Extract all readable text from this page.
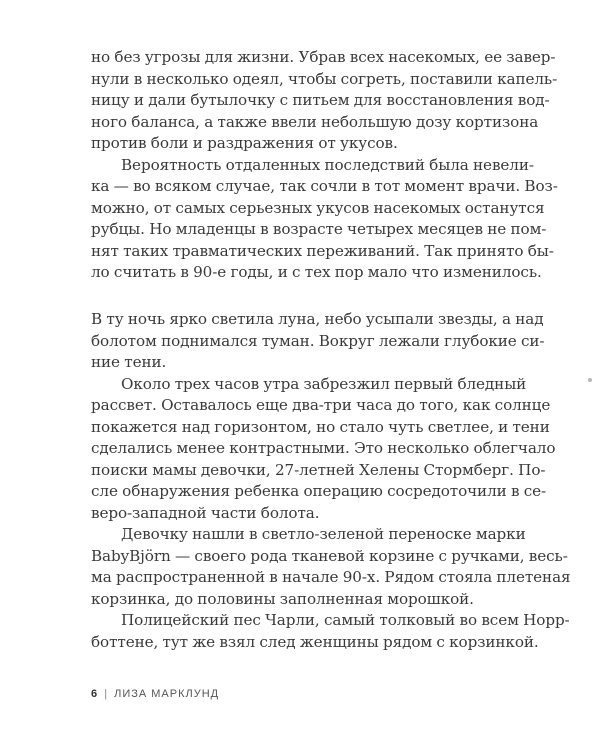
но без угрозы для жизни. Убрав всех насекомых, ее завер-
нули в несколько одеял, чтобы согреть, поставили капель-
ницу и дали бутылочку с питьем для восстановления вод-
ного баланса, а также ввели небольшую дозу кортизона
против боли и раздражения от укусов.
Вероятность отдаленных последствий была невели-
ка — во всяком случае, так сочли в тот момент врачи. Воз-
можно, от самых серьезных укусов насекомых останутся
рубцы. Но младенцы в возрасте четырех месяцев не пом-
нят таких травматических переживаний. Так принято бы-
ло считать в 90-е годы, и с тех пор мало что изменилось.
В ту ночь ярко светила луна, небо усыпали звезды, а над
болотом поднимался туман. Вокруг лежали глубокие си-
ние тени.
Около трех часов утра забрезжил первый бледный
рассвет. Оставалось еще два-три часа до того, как солнце
покажется над горизонтом, но стало чуть светлее, и тени
сделались менее контрастными. Это несколько облегчало
поиски мамы девочки, 27-летней Хелены Стормберг. По-
сле обнаружения ребенка операцию сосредоточили в се-
веро-западной части болота.
Девочку нашли в светло-зеленой переноске марки
BabyBjörn — своего рода тканевой корзине с ручками, весь-
ма распространенной в начале 90-х. Рядом стояла плетеная
корзинка, до половины заполненная морошкой.
Полицейский пес Чарли, самый толковый во всем Норр-
боттене, тут же взял след женщины рядом с корзинкой.
6 | ЛИЗА МАРКЛУНД
